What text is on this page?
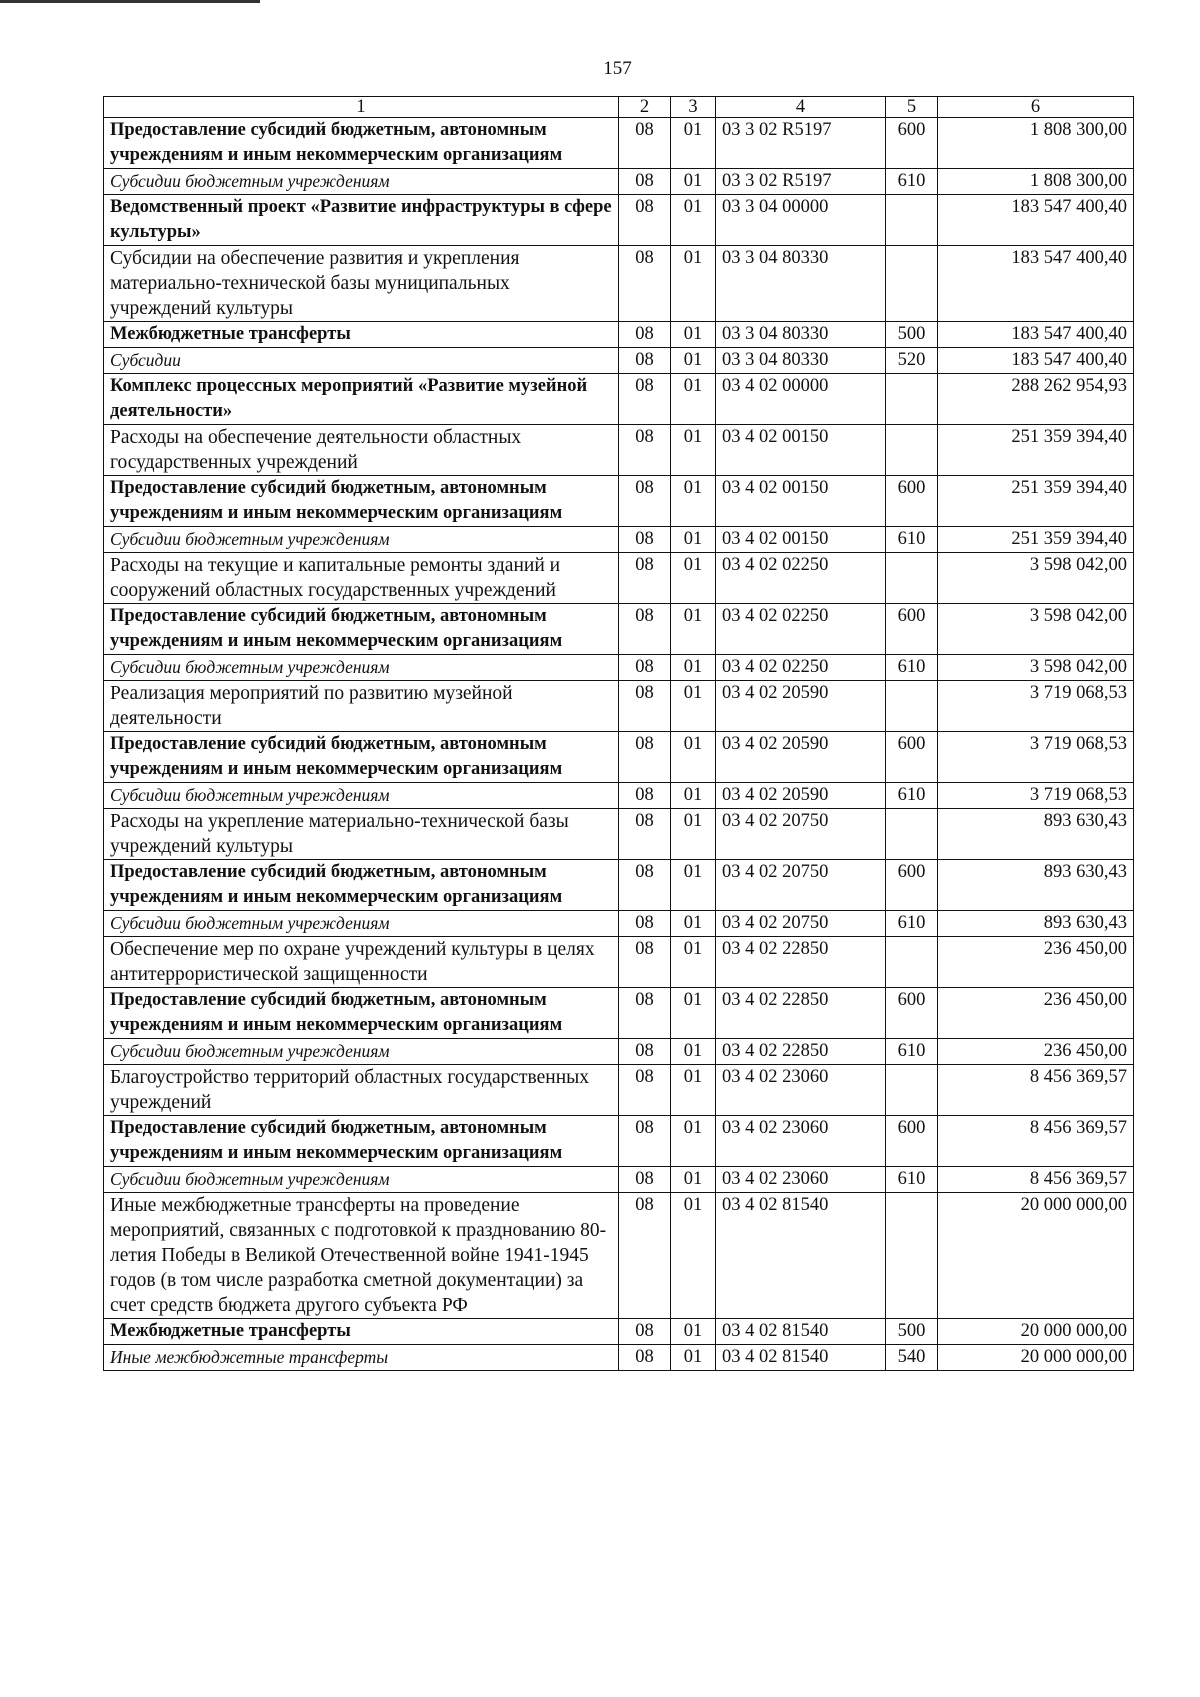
157
1	2	3	4	5	6
Предоставление субсидий бюджетным, автономным учреждениям и иным некоммерческим организациям	08	01	03 3 02 R5197	600	1 808 300,00
Субсидии бюджетным учреждениям	08	01	03 3 02 R5197	610	1 808 300,00
Ведомственный проект «Развитие инфраструктуры в сфере культуры»	08	01	03 3 04 00000		183 547 400,40
Субсидии на обеспечение развития и укрепления материально-технической базы муниципальных учреждений культуры	08	01	03 3 04 80330		183 547 400,40
Межбюджетные трансферты	08	01	03 3 04 80330	500	183 547 400,40
Субсидии	08	01	03 3 04 80330	520	183 547 400,40
Комплекс процессных мероприятий «Развитие музейной деятельности»	08	01	03 4 02 00000		288 262 954,93
Расходы на обеспечение деятельности областных государственных учреждений	08	01	03 4 02 00150		251 359 394,40
Предоставление субсидий бюджетным, автономным учреждениям и иным некоммерческим организациям	08	01	03 4 02 00150	600	251 359 394,40
Субсидии бюджетным учреждениям	08	01	03 4 02 00150	610	251 359 394,40
Расходы на текущие и капитальные ремонты зданий и сооружений областных государственных учреждений	08	01	03 4 02 02250		3 598 042,00
Предоставление субсидий бюджетным, автономным учреждениям и иным некоммерческим организациям	08	01	03 4 02 02250	600	3 598 042,00
Субсидии бюджетным учреждениям	08	01	03 4 02 02250	610	3 598 042,00
Реализация мероприятий по развитию музейной деятельности	08	01	03 4 02 20590		3 719 068,53
Предоставление субсидий бюджетным, автономным учреждениям и иным некоммерческим организациям	08	01	03 4 02 20590	600	3 719 068,53
Субсидии бюджетным учреждениям	08	01	03 4 02 20590	610	3 719 068,53
Расходы на укрепление материально-технической базы учреждений культуры	08	01	03 4 02 20750		893 630,43
Предоставление субсидий бюджетным, автономным учреждениям и иным некоммерческим организациям	08	01	03 4 02 20750	600	893 630,43
Субсидии бюджетным учреждениям	08	01	03 4 02 20750	610	893 630,43
Обеспечение мер по охране учреждений культуры в целях антитеррористической защищенности	08	01	03 4 02 22850		236 450,00
Предоставление субсидий бюджетным, автономным учреждениям и иным некоммерческим организациям	08	01	03 4 02 22850	600	236 450,00
Субсидии бюджетным учреждениям	08	01	03 4 02 22850	610	236 450,00
Благоустройство территорий областных государственных учреждений	08	01	03 4 02 23060		8 456 369,57
Предоставление субсидий бюджетным, автономным учреждениям и иным некоммерческим организациям	08	01	03 4 02 23060	600	8 456 369,57
Субсидии бюджетным учреждениям	08	01	03 4 02 23060	610	8 456 369,57
Иные межбюджетные трансферты на проведение мероприятий, связанных с подготовкой к празднованию 80-летия Победы в Великой Отечественной войне 1941-1945 годов (в том числе разработка сметной документации) за счет средств бюджета другого субъекта РФ	08	01	03 4 02 81540		20 000 000,00
Межбюджетные трансферты	08	01	03 4 02 81540	500	20 000 000,00
Иные межбюджетные трансферты	08	01	03 4 02 81540	540	20 000 000,00
